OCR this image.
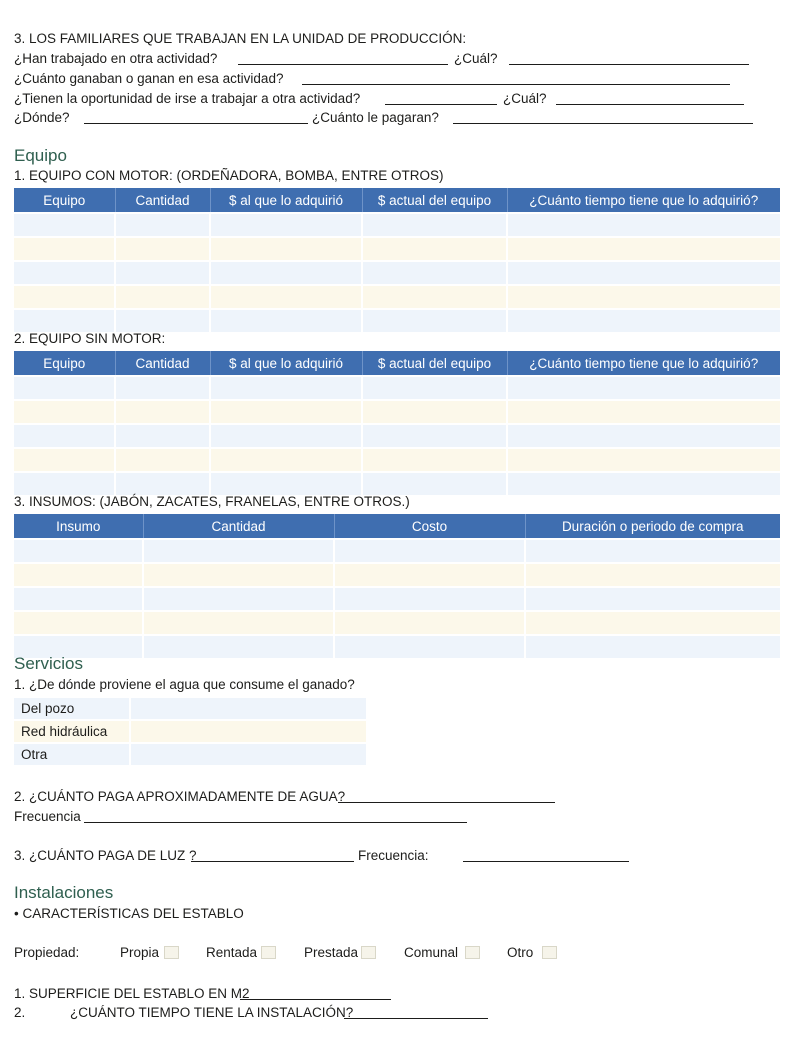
3. LOS FAMILIARES QUE TRABAJAN EN LA UNIDAD DE PRODUCCIÓN:
¿Han trabajado en otra actividad?	¿Cuál?
¿Cuánto ganaban o ganan en esa actividad?
¿Tienen la oportunidad de irse a trabajar a otra actividad?	¿Cuál?
¿Dónde?	¿Cuánto le pagaran?
Equipo
1. EQUIPO CON MOTOR: (ORDEÑADORA, BOMBA, ENTRE OTROS)
Equipo	Cantidad	$ al que lo adquirió	$ actual del equipo	¿Cuánto tiempo tiene que lo adquirió?

2. EQUIPO SIN MOTOR:
Equipo	Cantidad	$ al que lo adquirió	$ actual del equipo	¿Cuánto tiempo tiene que lo adquirió?

3. INSUMOS: (JABÓN, ZACATES, FRANELAS, ENTRE OTROS.)
Insumo	Cantidad	Costo	Duración o periodo de compra

Servicios
1. ¿De dónde proviene el agua que consume el ganado?
Del pozo	
Red hidráulica	
Otra	
2. ¿CUÁNTO PAGA APROXIMADAMENTE DE AGUA?
Frecuencia
3. ¿CUÁNTO PAGA DE LUZ ?	Frecuencia:
Instalaciones
• CARACTERÍSTICAS DEL ESTABLO
Propiedad:	Propia	Rentada	Prestada	Comunal	Otro
1. SUPERFICIE DEL ESTABLO EN M2
2.	¿CUÁNTO TIEMPO TIENE LA INSTALACIÓN?
